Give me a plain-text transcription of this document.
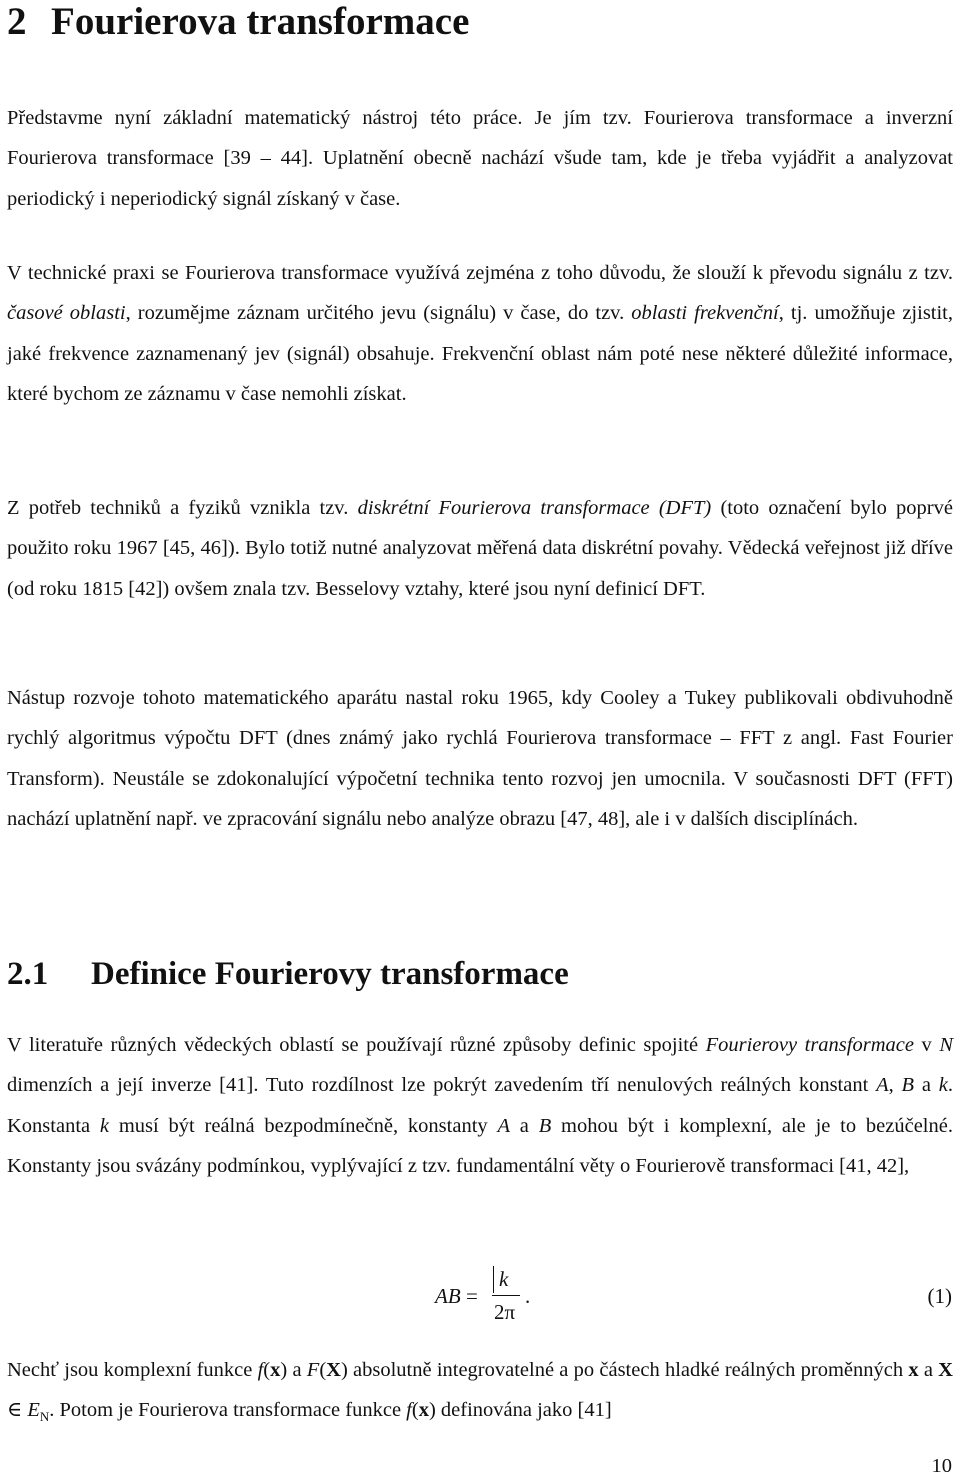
2 Fourierova transformace

Představme nyní základní matematický nástroj této práce. Je jím tzv. Fourierova transformace a inverzní Fourierova transformace [39 – 44]. Uplatnění obecně nachází všude tam, kde je třeba vyjádřit a analyzovat periodický i neperiodický signál získaný v čase.

V technické praxi se Fourierova transformace využívá zejména z toho důvodu, že slouží k převodu signálu z tzv. časové oblasti, rozumějme záznam určitého jevu (signálu) v čase, do tzv. oblasti frekvenční, tj. umožňuje zjistit, jaké frekvence zaznamenaný jev (signál) obsahuje. Frekvenční oblast nám poté nese některé důležité informace, které bychom ze záznamu v čase nemohli získat.

Z potřeb techniků a fyziků vznikla tzv. diskrétní Fourierova transformace (DFT) (toto označení bylo poprvé použito roku 1967 [45, 46]). Bylo totiž nutné analyzovat měřená data diskrétní povahy. Vědecká veřejnost již dříve (od roku 1815 [42]) ovšem znala tzv. Besselovy vztahy, které jsou nyní definicí DFT.

Nástup rozvoje tohoto matematického aparátu nastal roku 1965, kdy Cooley a Tukey publikovali obdivuhodně rychlý algoritmus výpočtu DFT (dnes známý jako rychlá Fourierova transformace – FFT z angl. Fast Fourier Transform). Neustále se zdokonalující výpočetní technika tento rozvoj jen umocnila. V současnosti DFT (FFT) nachází uplatnění např. ve zpracování signálu nebo analýze obrazu [47, 48], ale i v dalších disciplínách.

2.1 Definice Fourierovy transformace

V literatuře různých vědeckých oblastí se používají různé způsoby definic spojité Fourierovy transformace v N dimenzích a její inverze [41]. Tuto rozdílnost lze pokrýt zavedením tří nenulových reálných konstant A, B a k. Konstanta k musí být reálná bezpodmínečně, konstanty A a B mohou být i komplexní, ale je to bezúčelné. Konstanty jsou svázány podmínkou, vyplývající z tzv. fundamentální věty o Fourierově transformaci [41, 42],

AB =
k
2π
.	(1)

Nechť jsou komplexní funkce f(x) a F(X) absolutně integrovatelné a po částech hladké reálných proměnných x a X ∈ $E_N$. Potom je Fourierova transformace funkce f(x) definována jako [41]

10
